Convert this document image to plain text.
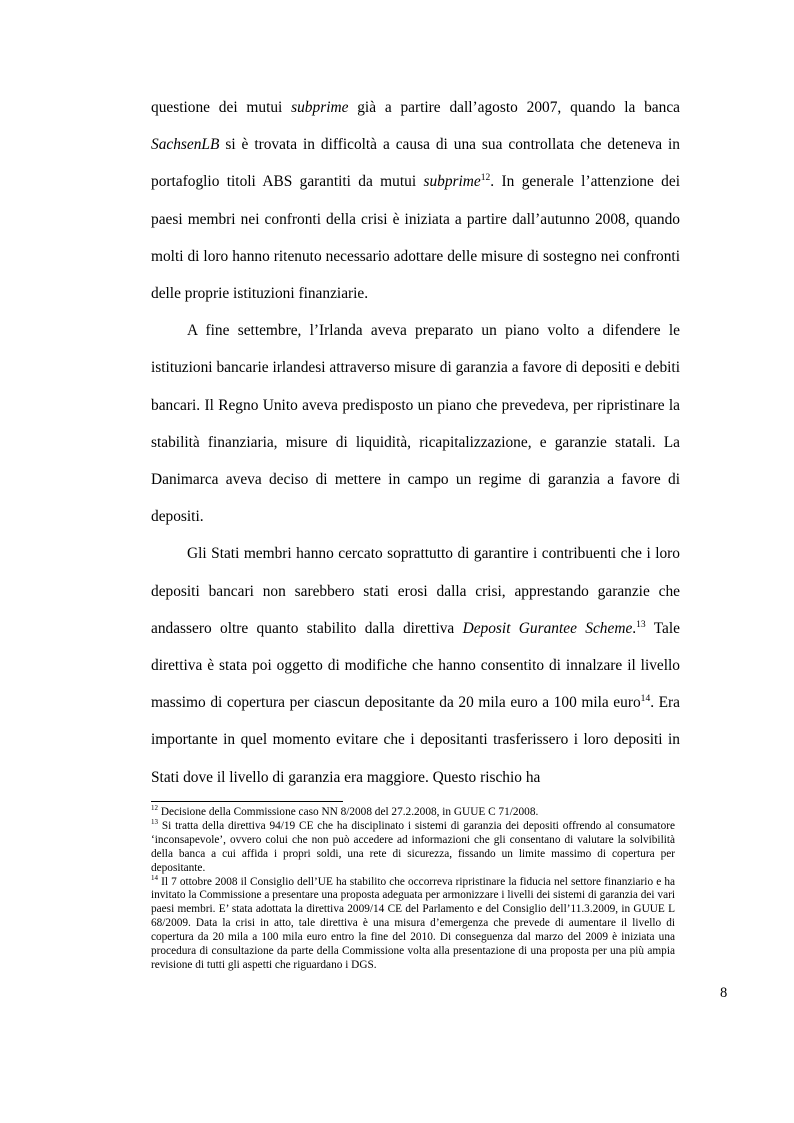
questione dei mutui subprime già a partire dall’agosto 2007, quando la banca SachsenLB si è trovata in difficoltà a causa di una sua controllata che deteneva in portafoglio titoli ABS garantiti da mutui subprime$^{12}$. In generale l’attenzione dei paesi membri nei confronti della crisi è iniziata a partire dall’autunno 2008, quando molti di loro hanno ritenuto necessario adottare delle misure di sostegno nei confronti delle proprie istituzioni finanziarie.

A fine settembre, l’Irlanda aveva preparato un piano volto a difendere le istituzioni bancarie irlandesi attraverso misure di garanzia a favore di depositi e debiti bancari. Il Regno Unito aveva predisposto un piano che prevedeva, per ripristinare la stabilità finanziaria, misure di liquidità, ricapitalizzazione, e garanzie statali. La Danimarca aveva deciso di mettere in campo un regime di garanzia a favore di depositi.

Gli Stati membri hanno cercato soprattutto di garantire i contribuenti che i loro depositi bancari non sarebbero stati erosi dalla crisi, apprestando garanzie che andassero oltre quanto stabilito dalla direttiva Deposit Gurantee Scheme.$^{13}$ Tale direttiva è stata poi oggetto di modifiche che hanno consentito di innalzare il livello massimo di copertura per ciascun depositante da 20 mila euro a 100 mila euro$^{14}$. Era importante in quel momento evitare che i depositanti trasferissero i loro depositi in Stati dove il livello di garanzia era maggiore. Questo rischio ha

$^{12}$ Decisione della Commissione caso NN 8/2008 del 27.2.2008, in GUUE C 71/2008.

$^{13}$ Si tratta della direttiva 94/19 CE che ha disciplinato i sistemi di garanzia dei depositi offrendo al consumatore ‘inconsapevole’, ovvero colui che non può accedere ad informazioni che gli consentano di valutare la solvibilità della banca a cui affida i propri soldi, una rete di sicurezza, fissando un limite massimo di copertura per depositante.

$^{14}$ Il 7 ottobre 2008 il Consiglio dell’UE ha stabilito che occorreva ripristinare la fiducia nel settore finanziario e ha invitato la Commissione a presentare una proposta adeguata per armonizzare i livelli dei sistemi di garanzia dei vari paesi membri. E’ stata adottata la direttiva 2009/14 CE del Parlamento e del Consiglio dell’11.3.2009, in GUUE L 68/2009. Data la crisi in atto, tale direttiva è una misura d’emergenza che prevede di aumentare il livello di copertura da 20 mila a 100 mila euro entro la fine del 2010. Di conseguenza dal marzo del 2009 è iniziata una procedura di consultazione da parte della Commissione volta alla presentazione di una proposta per una più ampia revisione di tutti gli aspetti che riguardano i DGS.

8
